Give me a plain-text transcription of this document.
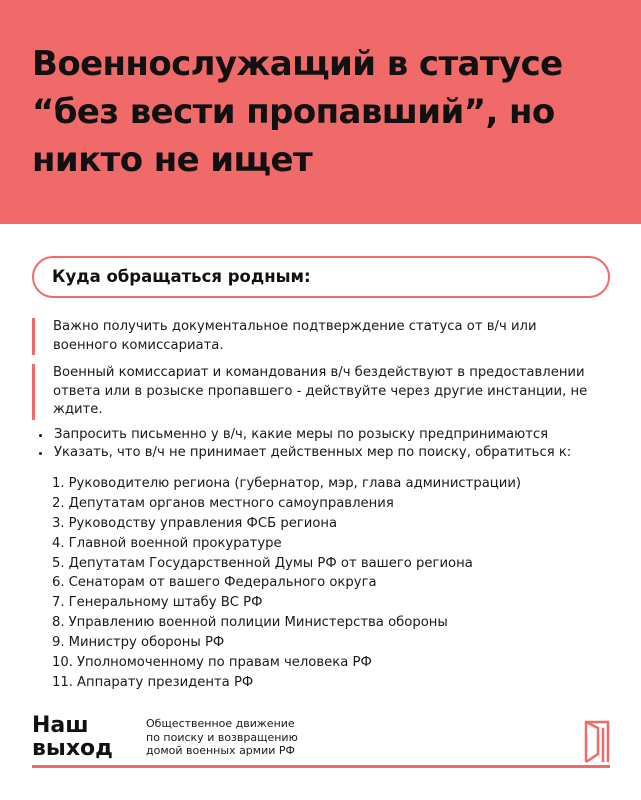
Военнослужащий в статусе
“без вести пропавший”, но
никто не ищет
Куда обращаться родным:

Важно получить документальное подтверждение статуса от в/ч или военного комиссариата.

Военный комиссариат и командования в/ч бездействуют в предоставлении ответа или в розыске пропавшего - действуйте через другие инстанции, не ждите.

Запросить письменно у в/ч, какие меры по розыску предпринимаются
Указать, что в/ч не принимает действенных мер по поиску, обратиться к:
1. Руководителю региона (губернатор, мэр, глава администрации)
2. Депутатам органов местного самоуправления
3. Руководству управления ФСБ региона
4. Главной военной прокуратуре
5. Депутатам Государственной Думы РФ от вашего региона
6. Сенаторам от вашего Федерального округа
7. Генеральному штабу ВС РФ
8. Управлению военной полиции Министерства обороны
9. Министру обороны РФ
10. Уполномоченному по правам человека РФ
11. Аппарату президента РФ
Наш
выход
Общественное движение
по поиску и возвращению
домой военных армии РФ
